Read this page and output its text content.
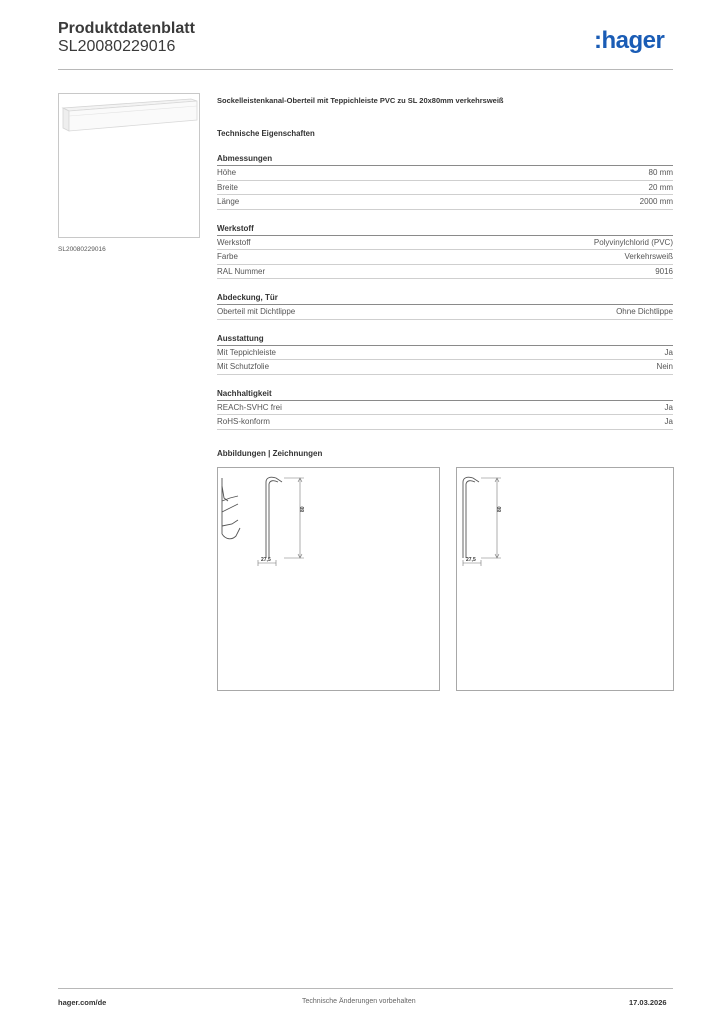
Produktdatenblatt
SL20080229016	:hager
SL20080229016
Sockelleistenkanal-Oberteil mit Teppichleiste PVC zu SL 20x80mm verkehrsweiß
Technische Eigenschaften
Abmessungen
Höhe	80 mm
Breite	20 mm
Länge	2000 mm
Werkstoff
Werkstoff	Polyvinylchlorid (PVC)
Farbe	Verkehrsweiß
RAL Nummer	9016
Abdeckung, Tür
Oberteil mit Dichtlippe	Ohne Dichtlippe
Ausstattung
Mit Teppichleiste	Ja
Mit Schutzfolie	Nein
Nachhaltigkeit
REACh-SVHC frei	Ja
RoHS-konform	Ja
Abbildungen | Zeichnungen
80
27,5
80
27,5
hager.com/de	Technische Änderungen vorbehalten	17.03.2026
